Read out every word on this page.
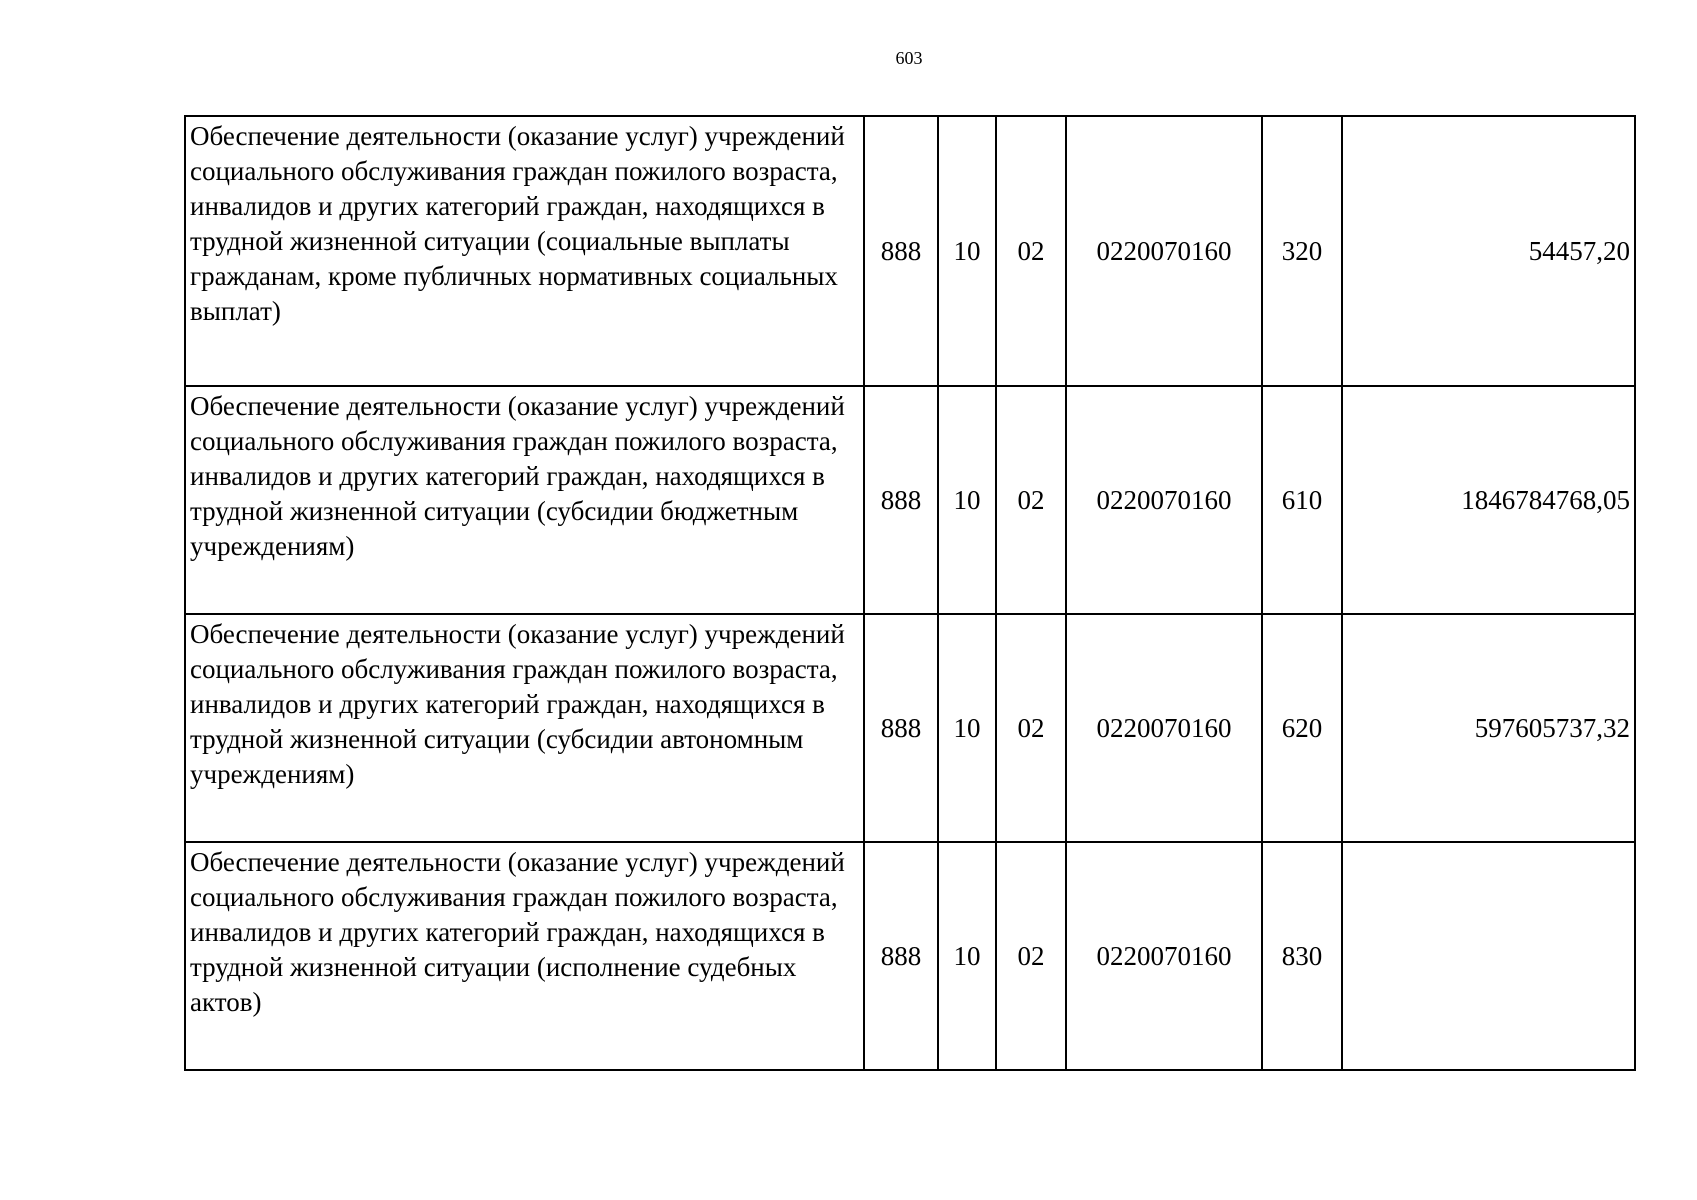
603
Обеспечение деятельности (оказание услуг) учреждений социального обслуживания граждан пожилого возраста, инвалидов и других категорий граждан, находящихся в трудной жизненной ситуации (социальные выплаты гражданам, кроме публичных нормативных социальных выплат)	888	10	02	0220070160	320	54457,20
Обеспечение деятельности (оказание услуг) учреждений социального обслуживания граждан пожилого возраста, инвалидов и других категорий граждан, находящихся в трудной жизненной ситуации (субсидии бюджетным учреждениям)	888	10	02	0220070160	610	1846784768,05
Обеспечение деятельности (оказание услуг) учреждений социального обслуживания граждан пожилого возраста, инвалидов и других категорий граждан, находящихся в трудной жизненной ситуации (субсидии автономным учреждениям)	888	10	02	0220070160	620	597605737,32
Обеспечение деятельности (оказание услуг) учреждений социального обслуживания граждан пожилого возраста, инвалидов и других категорий граждан, находящихся в трудной жизненной ситуации (исполнение судебных актов)	888	10	02	0220070160	830	
